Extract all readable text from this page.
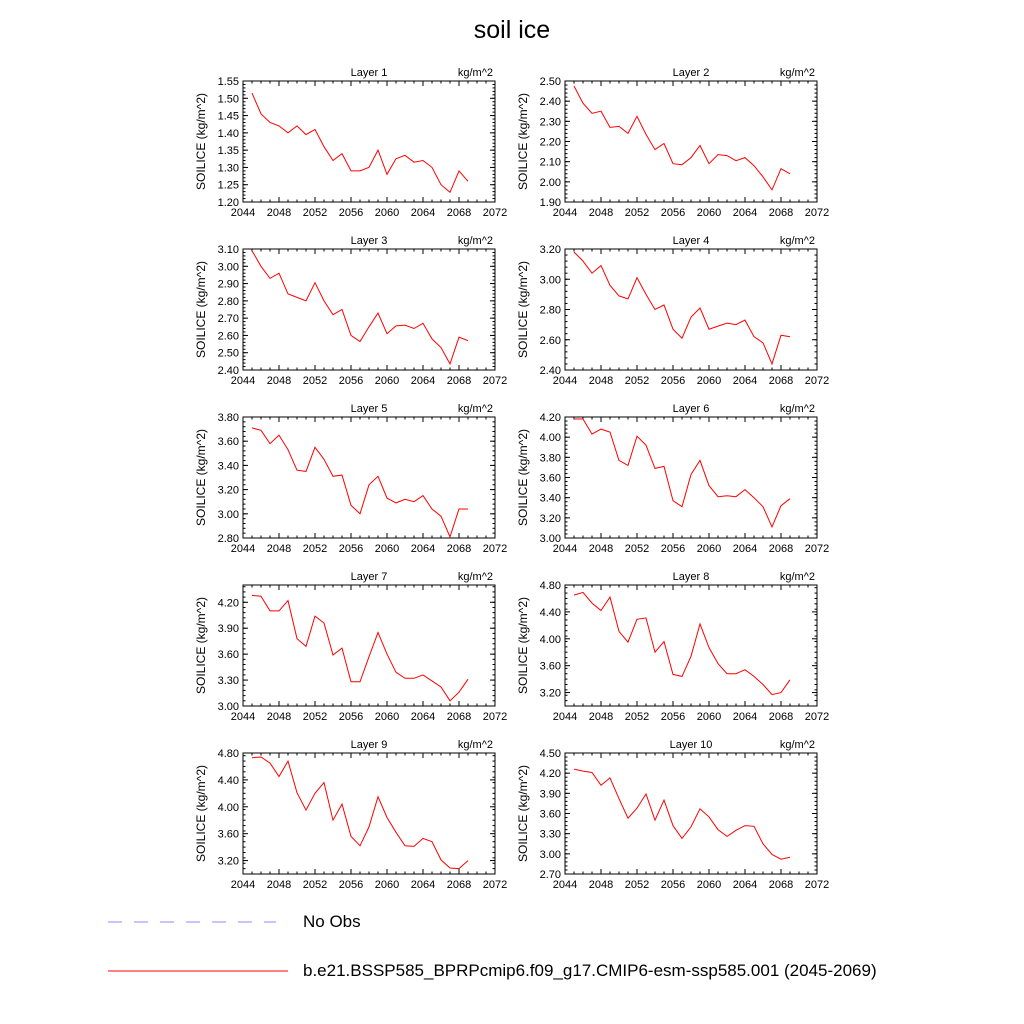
soil ice
2044 2048 2052 2056 2060 2064 2068 2072
1.20
1.25
1.30
1.35
1.40
1.45
1.50
1.55
Layer 1	kg/m^2
SOILICE (kg/m^2)
2044 2048 2052 2056 2060 2064 2068 2072
1.90
2.00
2.10
2.20
2.30
2.40
2.50
Layer 2	kg/m^2
SOILICE (kg/m^2)
2044 2048 2052 2056 2060 2064 2068 2072
2.40
2.50
2.60
2.70
2.80
2.90
3.00
3.10
Layer 3	kg/m^2
SOILICE (kg/m^2)
2044 2048 2052 2056 2060 2064 2068 2072
2.40
2.60
2.80
3.00
3.20
Layer 4	kg/m^2
SOILICE (kg/m^2)
2044 2048 2052 2056 2060 2064 2068 2072
2.80
3.00
3.20
3.40
3.60
3.80
Layer 5	kg/m^2
SOILICE (kg/m^2)
2044 2048 2052 2056 2060 2064 2068 2072
3.00
3.20
3.40
3.60
3.80
4.00
4.20
Layer 6	kg/m^2
SOILICE (kg/m^2)
2044 2048 2052 2056 2060 2064 2068 2072
3.00
3.30
3.60
3.90
4.20
Layer 7	kg/m^2
SOILICE (kg/m^2)
2044 2048 2052 2056 2060 2064 2068 2072
3.20
3.60
4.00
4.40
4.80
Layer 8	kg/m^2
SOILICE (kg/m^2)
2044 2048 2052 2056 2060 2064 2068 2072
3.20
3.60
4.00
4.40
4.80
Layer 9	kg/m^2
SOILICE (kg/m^2)
2044 2048 2052 2056 2060 2064 2068 2072
2.70
3.00
3.30
3.60
3.90
4.20
4.50
Layer 10	kg/m^2
SOILICE (kg/m^2)
No Obs
b.e21.BSSP585_BPRPcmip6.f09_g17.CMIP6-esm-ssp585.001 (2045-2069)
